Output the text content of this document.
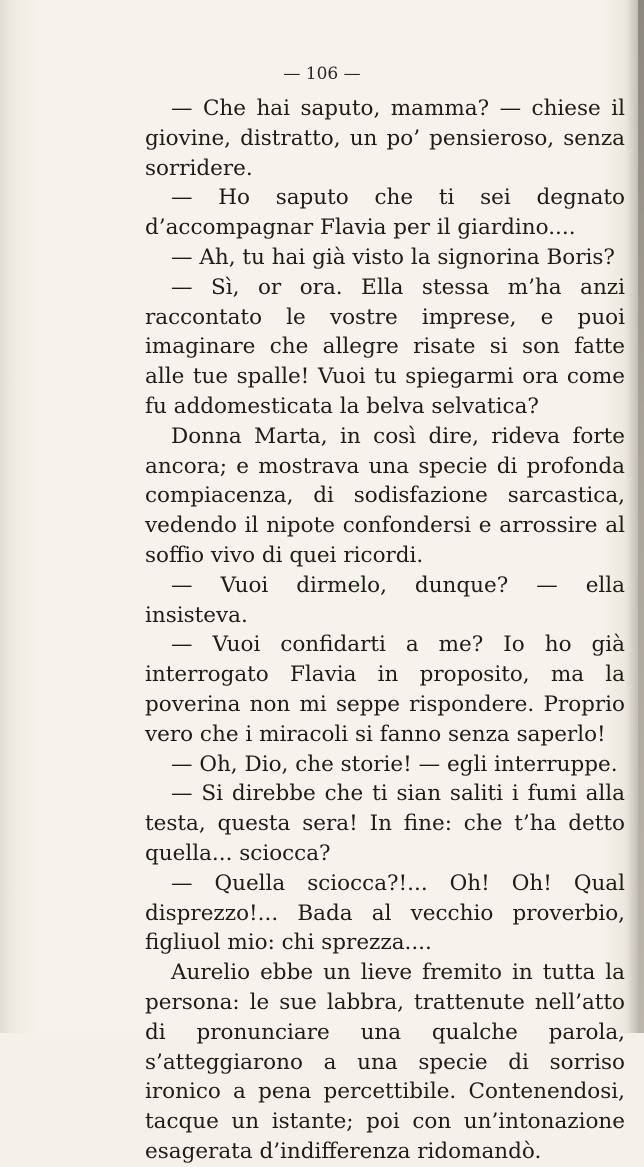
— 106 —

— Che hai saputo, mamma? — chiese il giovine, distratto, un po’ pensieroso, senza sorridere.

— Ho saputo che ti sei degnato d’accompagnar Flavia per il giardino....

— Ah, tu hai già visto la signorina Boris?

— Sì, or ora. Ella stessa m’ha anzi raccontato le vostre imprese, e puoi imaginare che allegre risate si son fatte alle tue spalle! Vuoi tu spiegarmi ora come fu addomesticata la belva selvatica?

Donna Marta, in così dire, rideva forte ancora; e mostrava una specie di profonda compiacenza, di sodisfazione sarcastica, vedendo il nipote confondersi e arrossire al soffio vivo di quei ricordi.

— Vuoi dirmelo, dunque? — ella insisteva.

— Vuoi confidarti a me? Io ho già interrogato Flavia in proposito, ma la poverina non mi seppe rispondere. Proprio vero che i miracoli si fanno senza saperlo!

— Oh, Dio, che storie! — egli interruppe.

— Si direbbe che ti sian saliti i fumi alla testa, questa sera! In fine: che t’ha detto quella... sciocca?

— Quella sciocca?!... Oh! Oh! Qual disprezzo!... Bada al vecchio proverbio, figliuol mio: chi sprezza....

Aurelio ebbe un lieve fremito in tutta la persona: le sue labbra, trattenute nell’atto di pronunciare una qualche parola, s’atteggiarono a una specie di sorriso ironico a pena percettibile. Contenendosi, tacque un istante; poi con un’intonazione esagerata d’indifferenza ridomandò.
